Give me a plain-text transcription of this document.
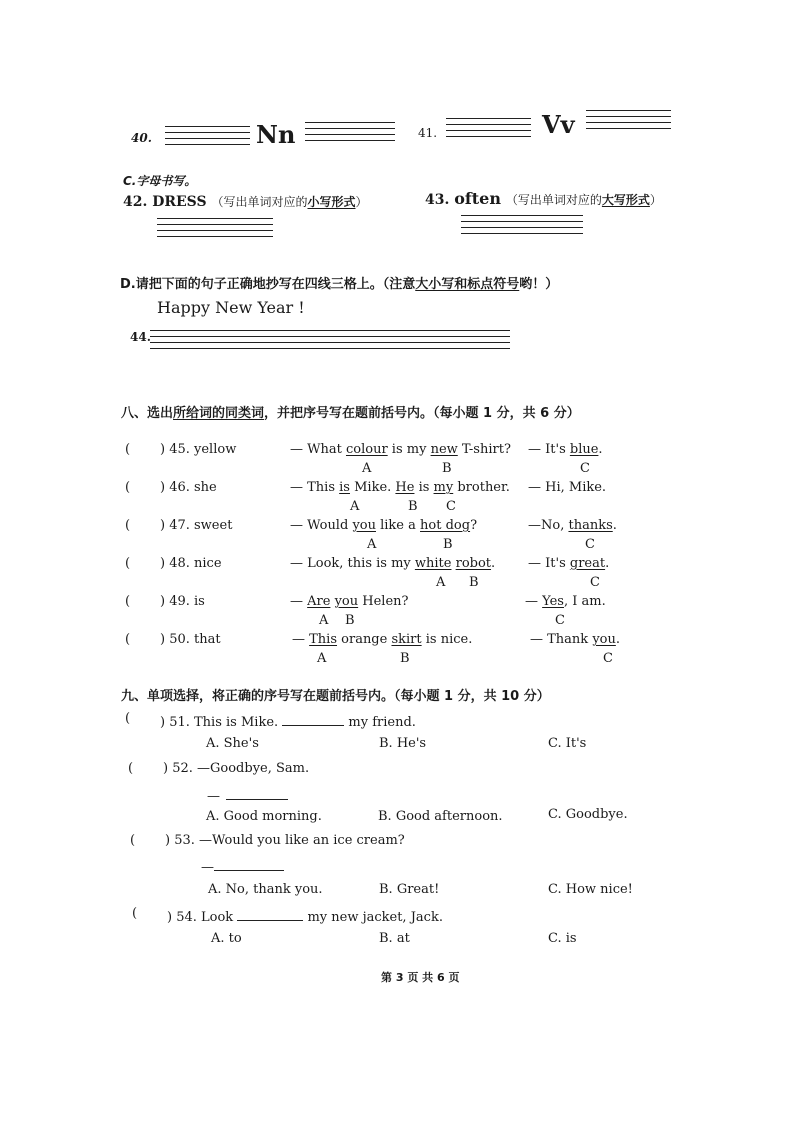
40.	Nn	41.	Vv
C.字母书写。
42. DRESS （写出单词对应的小写形式）	43. often （写出单词对应的大写形式）
D.请把下面的句子正确地抄写在四线三格上。（注意大小写和标点符号哟！）
Happy New Year !
44.
八、选出所给词的同类词，并把序号写在题前括号内。（每小题 1 分，共 6 分）
( ) 45. yellow	— What colour is my new T-shirt? — It's blue.
A	B	C
( ) 46. she	— This is Mike. He is my brother. — Hi, Mike.
A	B C
( ) 47. sweet	— Would you like a hot dog?	—No, thanks.
A	B	C
( ) 48. nice	— Look, this is my white robot.	— It's great.
A B	C
( ) 49. is	— Are you Helen?	— Yes, I am.
A B	C
( ) 50. that	— This orange skirt is nice.	— Thank you.
A	B	C
九、单项选择，将正确的序号写在题前括号内。（每小题 1 分，共 10 分）
( ) 51. This is Mike.	my friend.
A. She's	B. He's	C. It's
( ) 52. —Goodbye, Sam.
—
A. Good morning.	B. Good afternoon.	C. Goodbye.
( ) 53. —Would you like an ice cream?
—
A. No, thank you.	B. Great!	C. How nice!
( ) 54. Look	my new jacket, Jack.
A. to	B. at	C. is
第 3 页 共 6 页
